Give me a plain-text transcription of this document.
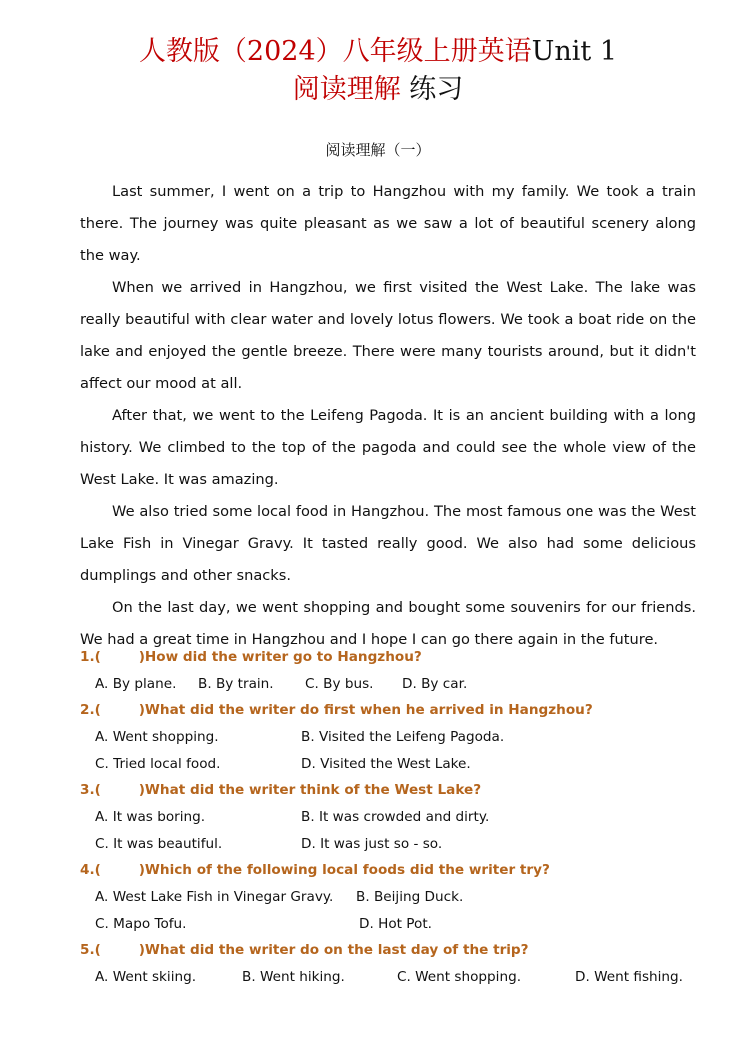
人教版（2024）八年级上册英语Unit 1
阅读理解 练习
阅读理解（一）

Last summer, I went on a trip to Hangzhou with my family. We took a train there. The journey was quite pleasant as we saw a lot of beautiful scenery along the way.

When we arrived in Hangzhou, we first visited the West Lake. The lake was really beautiful with clear water and lovely lotus flowers. We took a boat ride on the lake and enjoyed the gentle breeze. There were many tourists around, but it didn't affect our mood at all.

After that, we went to the Leifeng Pagoda. It is an ancient building with a long history. We climbed to the top of the pagoda and could see the whole view of the West Lake. It was amazing.

We also tried some local food in Hangzhou. The most famous one was the West Lake Fish in Vinegar Gravy. It tasted really good. We also had some delicious dumplings and other snacks.

On the last day, we went shopping and bought some souvenirs for our friends. We had a great time in Hangzhou and I hope I can go there again in the future.

1.(        )How did the writer go to Hangzhou?
A. By plane. B. By train. C. By bus. D. By car.
2.(        )What did the writer do first when he arrived in Hangzhou?
A. Went shopping.	B. Visited the Leifeng Pagoda.
C. Tried local food.	D. Visited the West Lake.
3.(        )What did the writer think of the West Lake?
A. It was boring.	B. It was crowded and dirty.
C. It was beautiful.	D. It was just so - so.
4.(        )Which of the following local foods did the writer try?
A. West Lake Fish in Vinegar Gravy. B. Beijing Duck.
C. Mapo Tofu.	D. Hot Pot.
5.(        )What did the writer do on the last day of the trip?
A. Went skiing.	B. Went hiking.	C. Went shopping.	D. Went fishing.
